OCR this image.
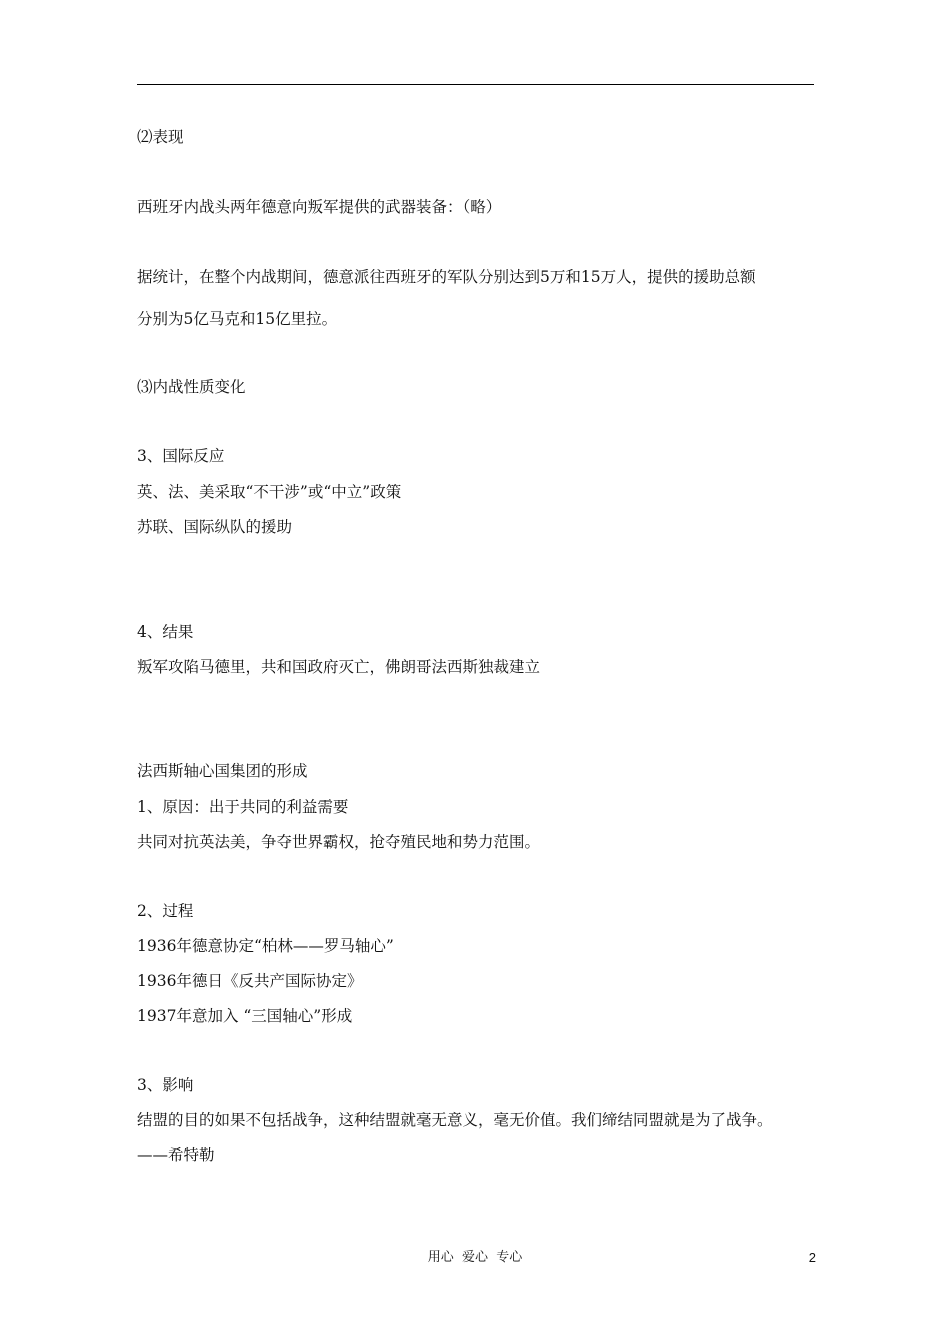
⑵表现
西班牙内战头两年德意向叛军提供的武器装备：（略）
据统计，在整个内战期间，德意派往西班牙的军队分别达到5万和15万人，提供的援助总额
分别为5亿马克和15亿里拉。
⑶内战性质变化
3、国际反应
英、法、美采取“不干涉”或“中立”政策
苏联、国际纵队的援助
4、结果
叛军攻陷马德里，共和国政府灭亡，佛朗哥法西斯独裁建立
法西斯轴心国集团的形成
1、原因：出于共同的利益需要
共同对抗英法美，争夺世界霸权，抢夺殖民地和势力范围。
2、过程
1936年德意协定“柏林——罗马轴心”
1936年德日《反共产国际协定》
1937年意加入 “三国轴心”形成
3、影响
结盟的目的如果不包括战争，这种结盟就毫无意义，毫无价值。我们缔结同盟就是为了战争。
——希特勒
用心  爱心  专心	2
